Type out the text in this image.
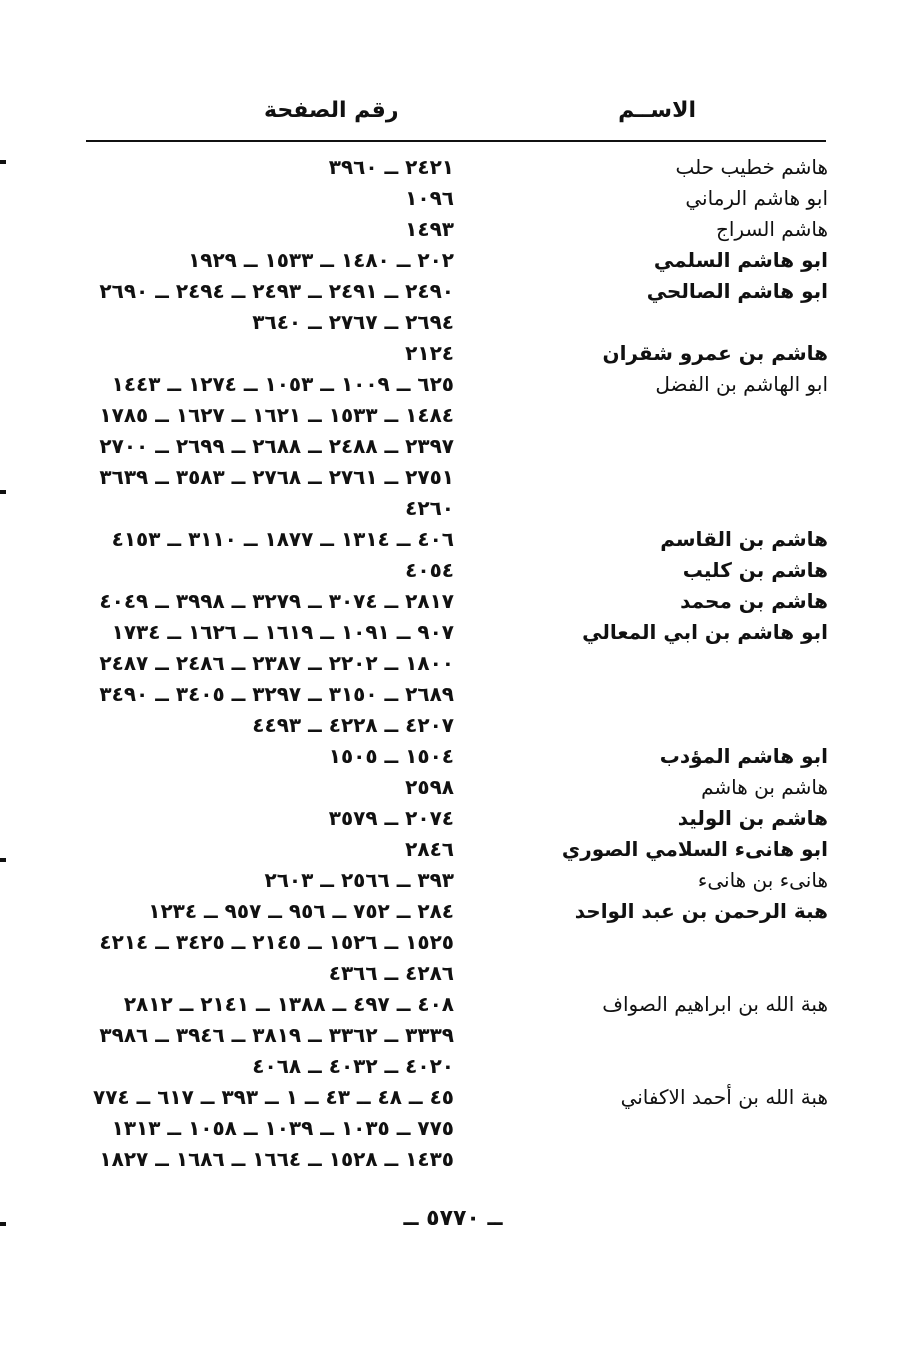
الاســم
رقم الصفحة
هاشم خطيب حلب
٢٤٢١ ــ ٣٩٦٠
ابو هاشم الرماني
١٠٩٦
هاشم السراج
١٤٩٣
ابو هاشم السلمي
٢٠٢ ــ ١٤٨٠ ــ ١٥٣٣ ــ ١٩٢٩
ابو هاشم الصالحي
٢٤٩٠ ــ ٢٤٩١ ــ ٢٤٩٣ ــ ٢٤٩٤ ــ ٢٦٩٠
٢٦٩٤ ــ ٢٧٦٧ ــ ٣٦٤٠
هاشم بن عمرو شقران
٢١٢٤
ابو الهاشم بن الفضل
٦٢٥ ــ ١٠٠٩ ــ ١٠٥٣ ــ ١٢٧٤ ــ ١٤٤٣
١٤٨٤ ــ ١٥٣٣ ــ ١٦٢١ ــ ١٦٢٧ ــ ١٧٨٥
٢٣٩٧ ــ ٢٤٨٨ ــ ٢٦٨٨ ــ ٢٦٩٩ ــ ٢٧٠٠
٢٧٥١ ــ ٢٧٦١ ــ ٢٧٦٨ ــ ٣٥٨٣ ــ ٣٦٣٩
٤٢٦٠
هاشم بن القاسم
٤٠٦ ــ ١٣١٤ ــ ١٨٧٧ ــ ٣١١٠ ــ ٤١٥٣
هاشم بن كليب
٤٠٥٤
هاشم بن محمد
٢٨١٧ ــ ٣٠٧٤ ــ ٣٢٧٩ ــ ٣٩٩٨ ــ ٤٠٤٩
ابو هاشم بن ابي المعالي
٩٠٧ ــ ١٠٩١ ــ ١٦١٩ ــ ١٦٢٦ ــ ١٧٣٤
١٨٠٠ ــ ٢٢٠٢ ــ ٢٣٨٧ ــ ٢٤٨٦ ــ ٢٤٨٧
٢٦٨٩ ــ ٣١٥٠ ــ ٣٢٩٧ ــ ٣٤٠٥ ــ ٣٤٩٠
٤٢٠٧ ــ ٤٢٢٨ ــ ٤٤٩٣
ابو هاشم المؤدب
١٥٠٤ ــ ١٥٠٥
هاشم بن هاشم
٢٥٩٨
هاشم بن الوليد
٢٠٧٤ ــ ٣٥٧٩
ابو هانىء السلامي الصوري
٢٨٤٦
هانىء بن هانىء
٣٩٣ ــ ٢٥٦٦ ــ ٢٦٠٣
هبة الرحمن بن عبد الواحد
٢٨٤ ــ ٧٥٢ ــ ٩٥٦ ــ ٩٥٧ ــ ١٢٣٤
١٥٢٥ ــ ١٥٢٦ ــ ٢١٤٥ ــ ٣٤٢٥ ــ ٤٢١٤
٤٢٨٦ ــ ٤٣٦٦
هبة الله بن ابراهيم الصواف
٤٠٨ ــ ٤٩٧ ــ ١٣٨٨ ــ ٢١٤١ ــ ٢٨١٢
٣٣٣٩ ــ ٣٣٦٢ ــ ٣٨١٩ ــ ٣٩٤٦ ــ ٣٩٨٦
٤٠٢٠ ــ ٤٠٣٢ ــ ٤٠٦٨
هبة الله بن أحمد الاكفاني
٤٥ ــ ٤٨ ــ ٤٣ ــ ١ ــ ٣٩٣ ــ ٦١٧ ــ ٧٧٤
٧٧٥ ــ ١٠٣٥ ــ ١٠٣٩ ــ ١٠٥٨ ــ ١٣١٣
١٤٣٥ ــ ١٥٢٨ ــ ١٦٦٤ ــ ١٦٨٦ ــ ١٨٢٧
ــ ٥٧٧٠ ــ
